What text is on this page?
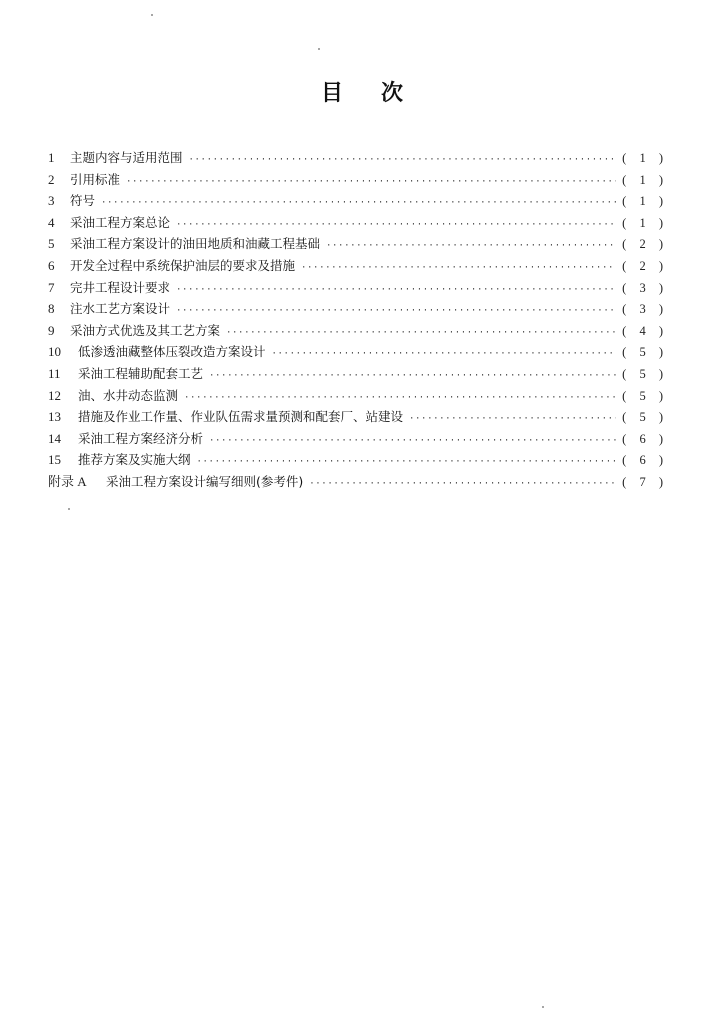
目次
1	主题内容与适用范围 ·····	( 1 )
2	引用标准 ·····	( 1 )
3	符号 ·····	( 1 )
4	采油工程方案总论 ·····	( 1 )
5	采油工程方案设计的油田地质和油藏工程基础 ·····	( 2 )
6	开发全过程中系统保护油层的要求及措施 ·····	( 2 )
7	完井工程设计要求 ·····	( 3 )
8	注水工艺方案设计 ·····	( 3 )
9	采油方式优选及其工艺方案 ·····	( 4 )
10	低渗透油藏整体压裂改造方案设计 ·····	( 5 )
11	采油工程辅助配套工艺 ·····	( 5 )
12	油、水井动态监测 ·····	( 5 )
13	措施及作业工作量、作业队伍需求量预测和配套厂、站建设 ·····	( 5 )
14	采油工程方案经济分析 ·····	( 6 )
15	推荐方案及实施大纲 ·····	( 6 )
附录 A	采油工程方案设计编写细则(参考件) ·····	( 7 )
